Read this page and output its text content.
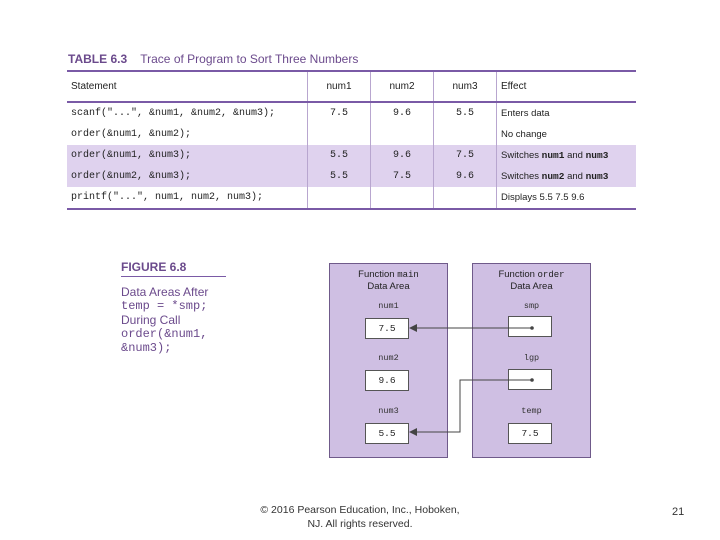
TABLE 6.3 Trace of Program to Sort Three Numbers
Statement	num1	num2	num3	Effect
scanf("...", &num1, &num2, &num3);	7.5	9.6	5.5	Enters data
order(&num1, &num2);				No change
order(&num1, &num3);	5.5	9.6	7.5	Switches num1 and num3
order(&num2, &num3);	5.5	7.5	9.6	Switches num2 and num3
printf("...", num1, num2, num3);				Displays 5.5 7.5 9.6
FIGURE 6.8
Data Areas After
temp = *smp;
During Call
order(&num1,
&num3);
Function main
Data Area
num1
7.5
num2
9.6
num3
5.5
Function order
Data Area
smp
lgp
temp
7.5
© 2016 Pearson Education, Inc., Hoboken,
NJ. All rights reserved.
21
